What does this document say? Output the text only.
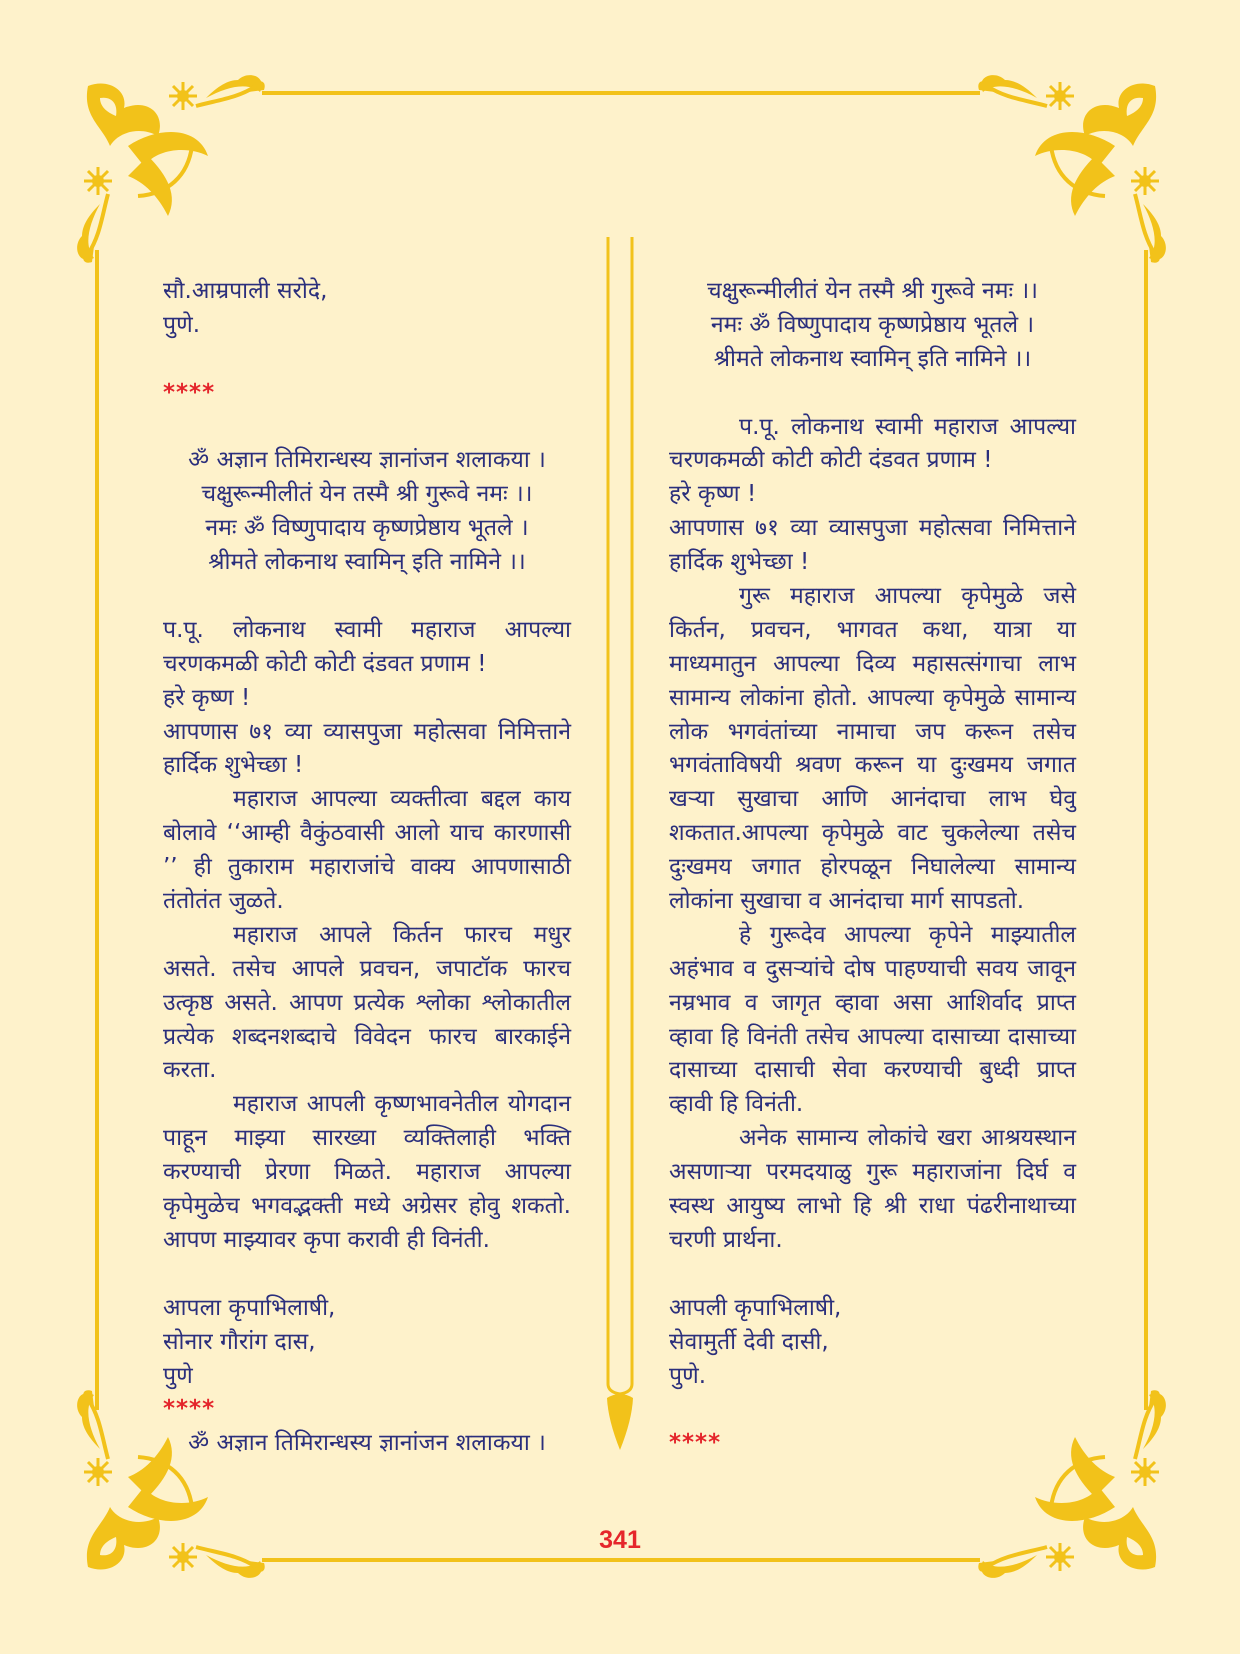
सौ.आम्रपाली सरोदे,
पुणे.
****
ॐ अज्ञान तिमिरान्धस्य ज्ञानांजन शलाकया ।
चक्षुरून्मीलीतं येन तस्मै श्री गुरूवे नमः ।।
नमः ॐ विष्णुपादाय कृष्णप्रेष्ठाय भूतले ।
श्रीमते लोकनाथ स्वामिन् इति नामिने ।।
प.पू. लोकनाथ स्वामी महाराज आपल्या
चरणकमळी कोटी कोटी दंडवत प्रणाम !
हरे कृष्ण !
आपणास ७१ व्या व्यासपुजा महोत्सवा निमित्ताने
हार्दिक शुभेच्छा !
महाराज आपल्या व्यक्तीत्वा बद्दल काय
बोलावे ‘‘आम्ही वैकुंठवासी आलो याच कारणासी
’’ ही तुकाराम महाराजांचे वाक्य आपणासाठी
तंतोतंत जुळते.
महाराज आपले किर्तन फारच मधुर
असते. तसेच आपले प्रवचन, जपाटॉक फारच
उत्कृष्ठ असते. आपण प्रत्येक श्लोका श्लोकातील
प्रत्येक शब्दनशब्दाचे विवेदन फारच बारकाईने
करता.
महाराज आपली कृष्णभावनेतील योगदान
पाहून माझ्या सारख्या व्यक्तिलाही भक्ति
करण्याची प्रेरणा मिळते. महाराज आपल्या
कृपेमुळेच भगवद्भक्ती मध्ये अग्रेसर होवु शकतो.
आपण माझ्यावर कृपा करावी ही विनंती.
आपला कृपाभिलाषी,
सोनार गौरांग दास,
पुणे
****
ॐ अज्ञान तिमिरान्धस्य ज्ञानांजन शलाकया ।
चक्षुरून्मीलीतं येन तस्मै श्री गुरूवे नमः ।।
नमः ॐ विष्णुपादाय कृष्णप्रेष्ठाय भूतले ।
श्रीमते लोकनाथ स्वामिन् इति नामिने ।।
प.पू. लोकनाथ स्वामी महाराज आपल्या
चरणकमळी कोटी कोटी दंडवत प्रणाम !
हरे कृष्ण !
आपणास ७१ व्या व्यासपुजा महोत्सवा निमित्ताने
हार्दिक शुभेच्छा !
गुरू महाराज आपल्या कृपेमुळे जसे
किर्तन, प्रवचन, भागवत कथा, यात्रा या
माध्यमातुन आपल्या दिव्य महासत्संगाचा लाभ
सामान्य लोकांना होतो. आपल्या कृपेमुळे सामान्य
लोक भगवंतांच्या नामाचा जप करून तसेच
भगवंताविषयी श्रवण करून या दुःखमय जगात
खऱ्या सुखाचा आणि आनंदाचा लाभ घेवु
शकतात.आपल्या कृपेमुळे वाट चुकलेल्या तसेच
दुःखमय जगात होरपळून निघालेल्या सामान्य
लोकांना सुखाचा व आनंदाचा मार्ग सापडतो.
हे गुरूदेव आपल्या कृपेने माझ्यातील
अहंभाव व दुसऱ्यांचे दोष पाहण्याची सवय जावून
नम्रभाव व जागृत व्हावा असा आशिर्वाद प्राप्त
व्हावा हि विनंती तसेच आपल्या दासाच्या दासाच्या
दासाच्या दासाची सेवा करण्याची बुध्दी प्राप्त
व्हावी हि विनंती.
अनेक सामान्य लोकांचे खरा आश्रयस्थान
असणाऱ्या परमदयाळु गुरू महाराजांना दिर्घ व
स्वस्थ आयुष्य लाभो हि श्री राधा पंढरीनाथाच्या
चरणी प्रार्थना.
आपली कृपाभिलाषी,
सेवामुर्ती देवी दासी,
पुणे.
****
341
